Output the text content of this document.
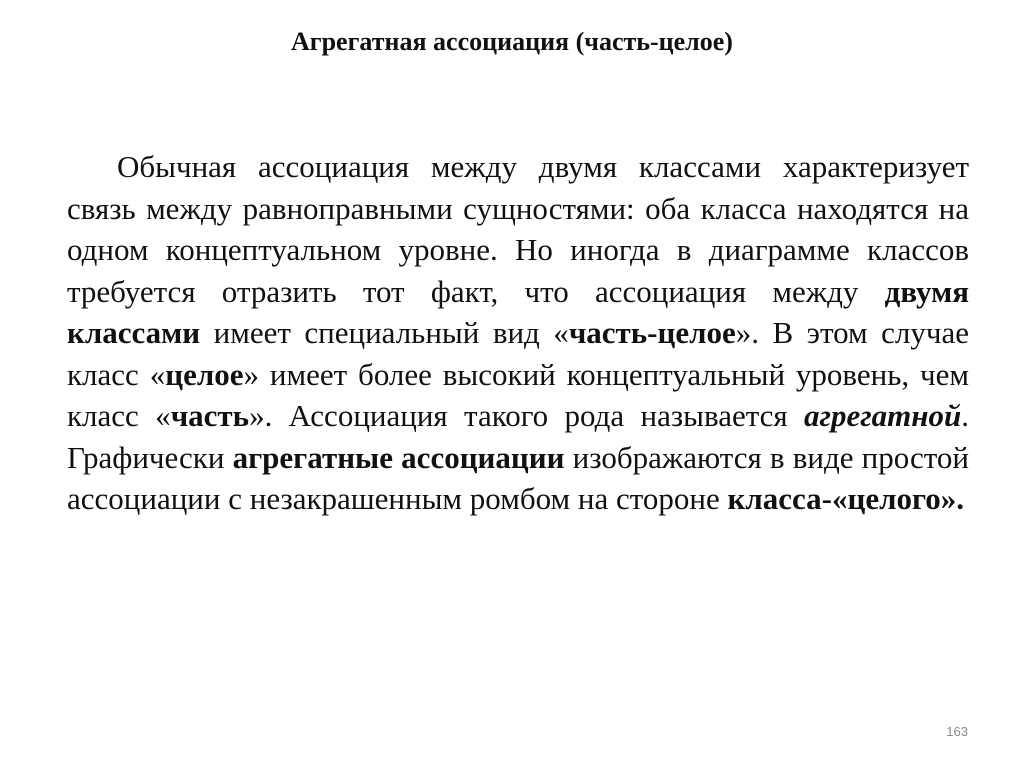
Агрегатная ассоциация (часть-целое)

Обычная ассоциация между двумя классами характеризует связь между равноправными сущностями: оба класса находятся на одном концептуальном уровне. Но иногда в диаграмме классов требуется отразить тот факт, что ассоциация между двумя классами имеет специальный вид «часть-целое». В этом случае класс «целое» имеет более высокий концептуальный уровень, чем класс «часть». Ассоциация такого рода называется агрегатной. Графически агрегатные ассоциации изображаются в виде простой ассоциации с незакрашенным ромбом на стороне класса-«целого».

163
